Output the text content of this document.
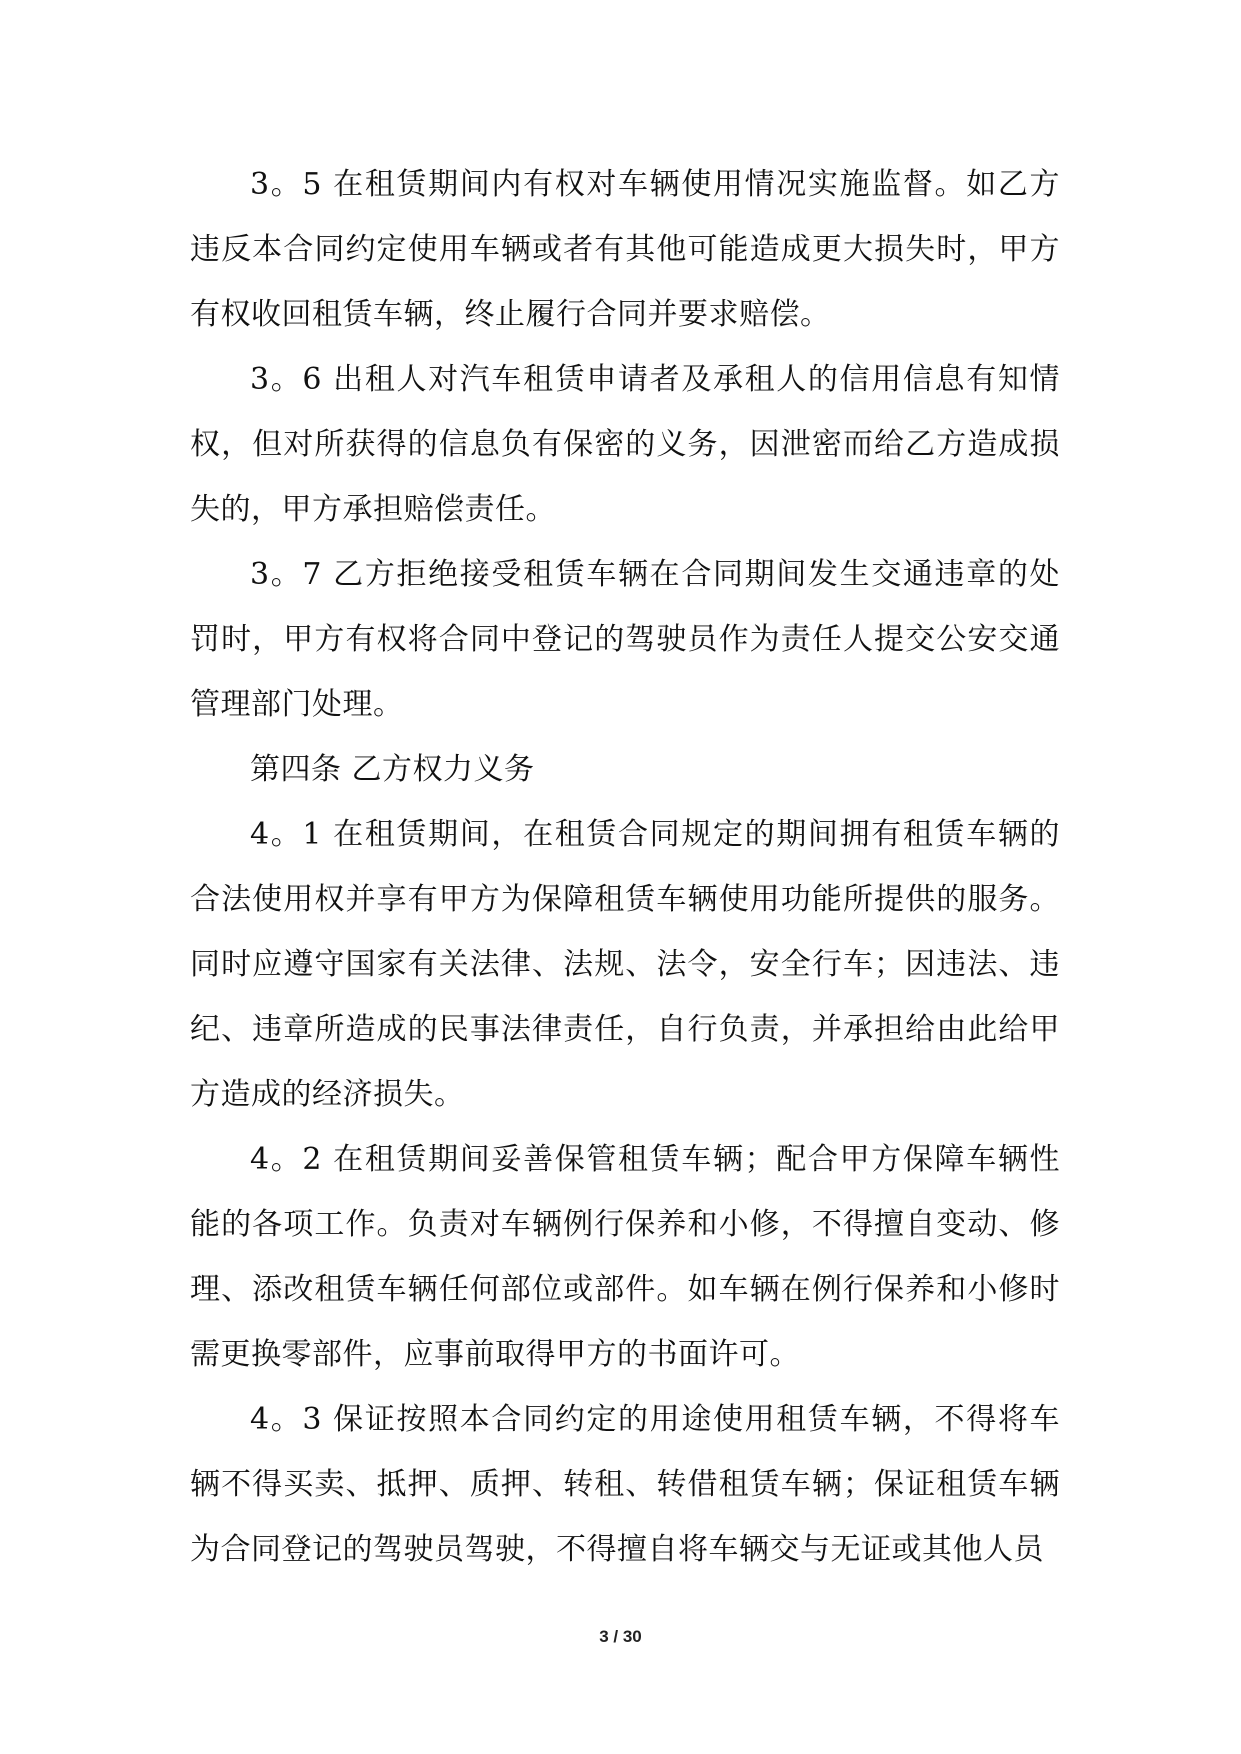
3。5 在租赁期间内有权对车辆使用情况实施监督。如乙方违反本合同约定使用车辆或者有其他可能造成更大损失时，甲方有权收回租赁车辆，终止履行合同并要求赔偿。

3。6 出租人对汽车租赁申请者及承租人的信用信息有知情权，但对所获得的信息负有保密的义务，因泄密而给乙方造成损失的，甲方承担赔偿责任。

3。7 乙方拒绝接受租赁车辆在合同期间发生交通违章的处罚时，甲方有权将合同中登记的驾驶员作为责任人提交公安交通管理部门处理。

第四条 乙方权力义务

4。1 在租赁期间，在租赁合同规定的期间拥有租赁车辆的合法使用权并享有甲方为保障租赁车辆使用功能所提供的服务。同时应遵守国家有关法律、法规、法令，安全行车；因违法、违纪、违章所造成的民事法律责任，自行负责，并承担给由此给甲方造成的经济损失。

4。2 在租赁期间妥善保管租赁车辆；配合甲方保障车辆性能的各项工作。负责对车辆例行保养和小修，不得擅自变动、修理、添改租赁车辆任何部位或部件。如车辆在例行保养和小修时需更换零部件，应事前取得甲方的书面许可。

4。3 保证按照本合同约定的用途使用租赁车辆，不得将车辆不得买卖、抵押、质押、转租、转借租赁车辆；保证租赁车辆为合同登记的驾驶员驾驶，不得擅自将车辆交与无证或其他人员

3 / 30
